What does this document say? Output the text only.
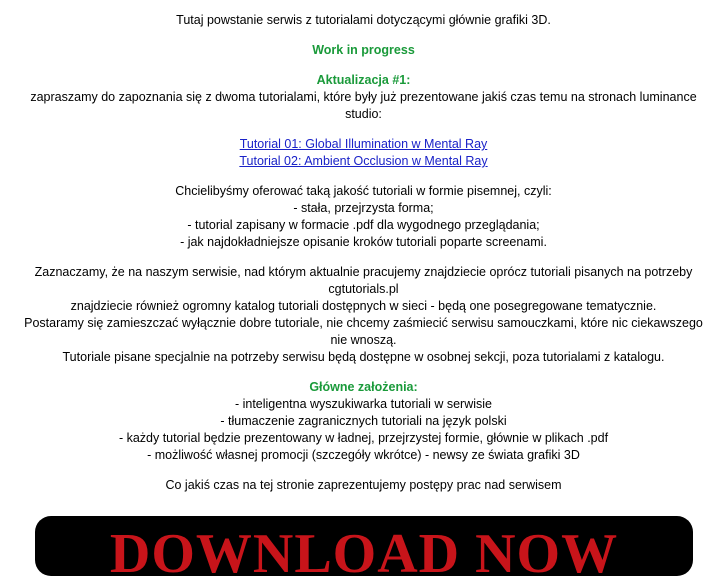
Tutaj powstanie serwis z tutorialami dotyczącymi głównie grafiki 3D.
Work in progress
Aktualizacja #1:
zapraszamy do zapoznania się z dwoma tutorialami, które były już prezentowane jakiś czas temu na stronach luminance
studio:
Tutorial 01: Global Illumination w Mental Ray
Tutorial 02: Ambient Occlusion w Mental Ray
Chcielibyśmy oferować taką jakość tutoriali w formie pisemnej, czyli:
- stała, przejrzysta forma;
- tutorial zapisany w formacie .pdf dla wygodnego przeglądania;
- jak najdokładniejsze opisanie kroków tutoriali poparte screenami.
Zaznaczamy, że na naszym serwisie, nad którym aktualnie pracujemy znajdziecie oprócz tutoriali pisanych na potrzeby
cgtutorials.pl
znajdziecie również ogromny katalog tutoriali dostępnych w sieci - będą one posegregowane tematycznie.
Postaramy się zamieszczać wyłącznie dobre tutoriale, nie chcemy zaśmiecić serwisu samouczkami, które nic ciekawszego
nie wnoszą.
Tutoriale pisane specjalnie na potrzeby serwisu będą dostępne w osobnej sekcji, poza tutorialami z katalogu.
Główne założenia:
- inteligentna wyszukiwarka tutoriali w serwisie
- tłumaczenie zagranicznych tutoriali na język polski
- każdy tutorial będzie prezentowany w ładnej, przejrzystej formie, głównie w plikach .pdf
- możliwość własnej promocji (szczegóły wkrótce) - newsy ze świata grafiki 3D
Co jakiś czas na tej stronie zaprezentujemy postępy prac nad serwisem
DOWNLOAD NOW
